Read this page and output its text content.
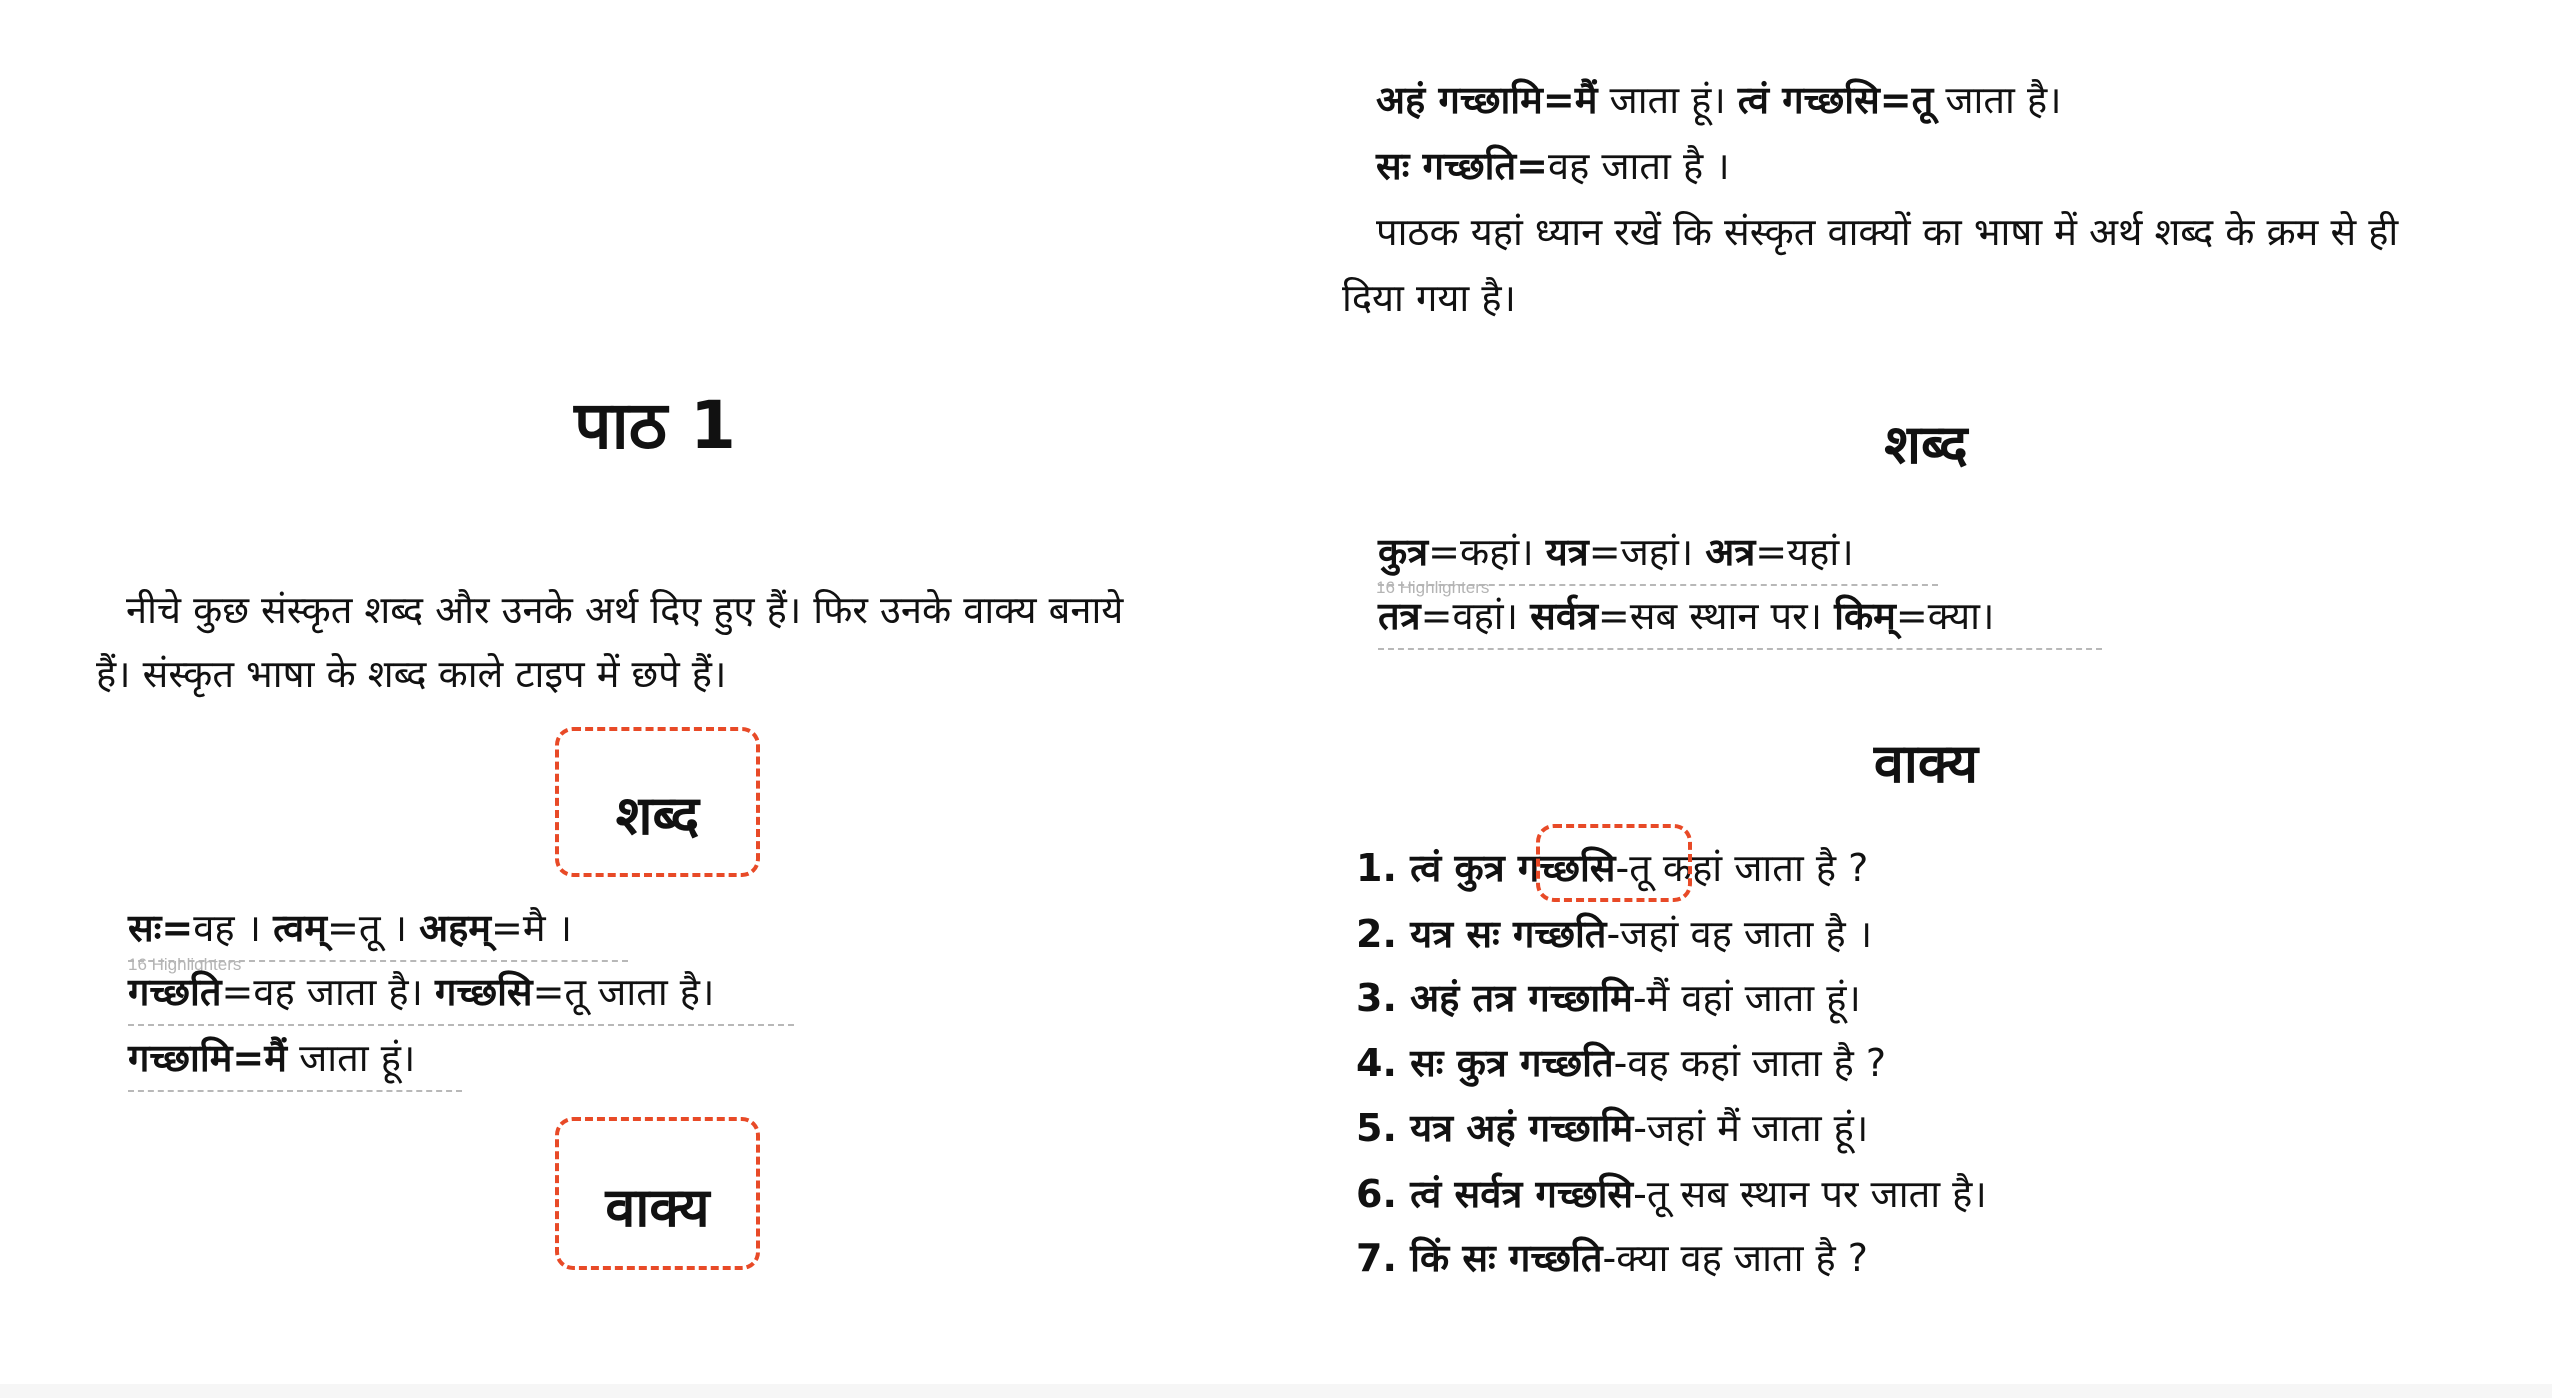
पाठ 1
नीचे कुछ संस्कृत शब्द और उनके अर्थ दिए हुए हैं। फिर उनके वाक्य बनाये
हैं। संस्कृत भाषा के शब्द काले टाइप में छपे हैं।
शब्द
सः=वह । त्वम्=तू । अहम्=मै ।
16 Highlighters
गच्छति=वह जाता है। गच्छसि=तू जाता है।
गच्छामि=मैं जाता हूं।
वाक्य
अहं गच्छामि=मैं जाता हूं। त्वं गच्छसि=तू जाता है।
सः गच्छति=वह जाता है ।
पाठक यहां ध्यान रखें कि संस्कृत वाक्यों का भाषा में अर्थ शब्द के क्रम से ही
दिया गया है।
शब्द
कुत्र=कहां। यत्र=जहां। अत्र=यहां।
16 Highlighters
तत्र=वहां। सर्वत्र=सब स्थान पर। किम्=क्या।
वाक्य
1. त्वं कुत्र गच्छसि-तू कहां जाता है ?
2. यत्र सः गच्छति-जहां वह जाता है ।
3. अहं तत्र गच्छामि-मैं वहां जाता हूं।
4. सः कुत्र गच्छति-वह कहां जाता है ?
5. यत्र अहं गच्छामि-जहां मैं जाता हूं।
6. त्वं सर्वत्र गच्छसि-तू सब स्थान पर जाता है।
7. किं सः गच्छति-क्या वह जाता है ?
